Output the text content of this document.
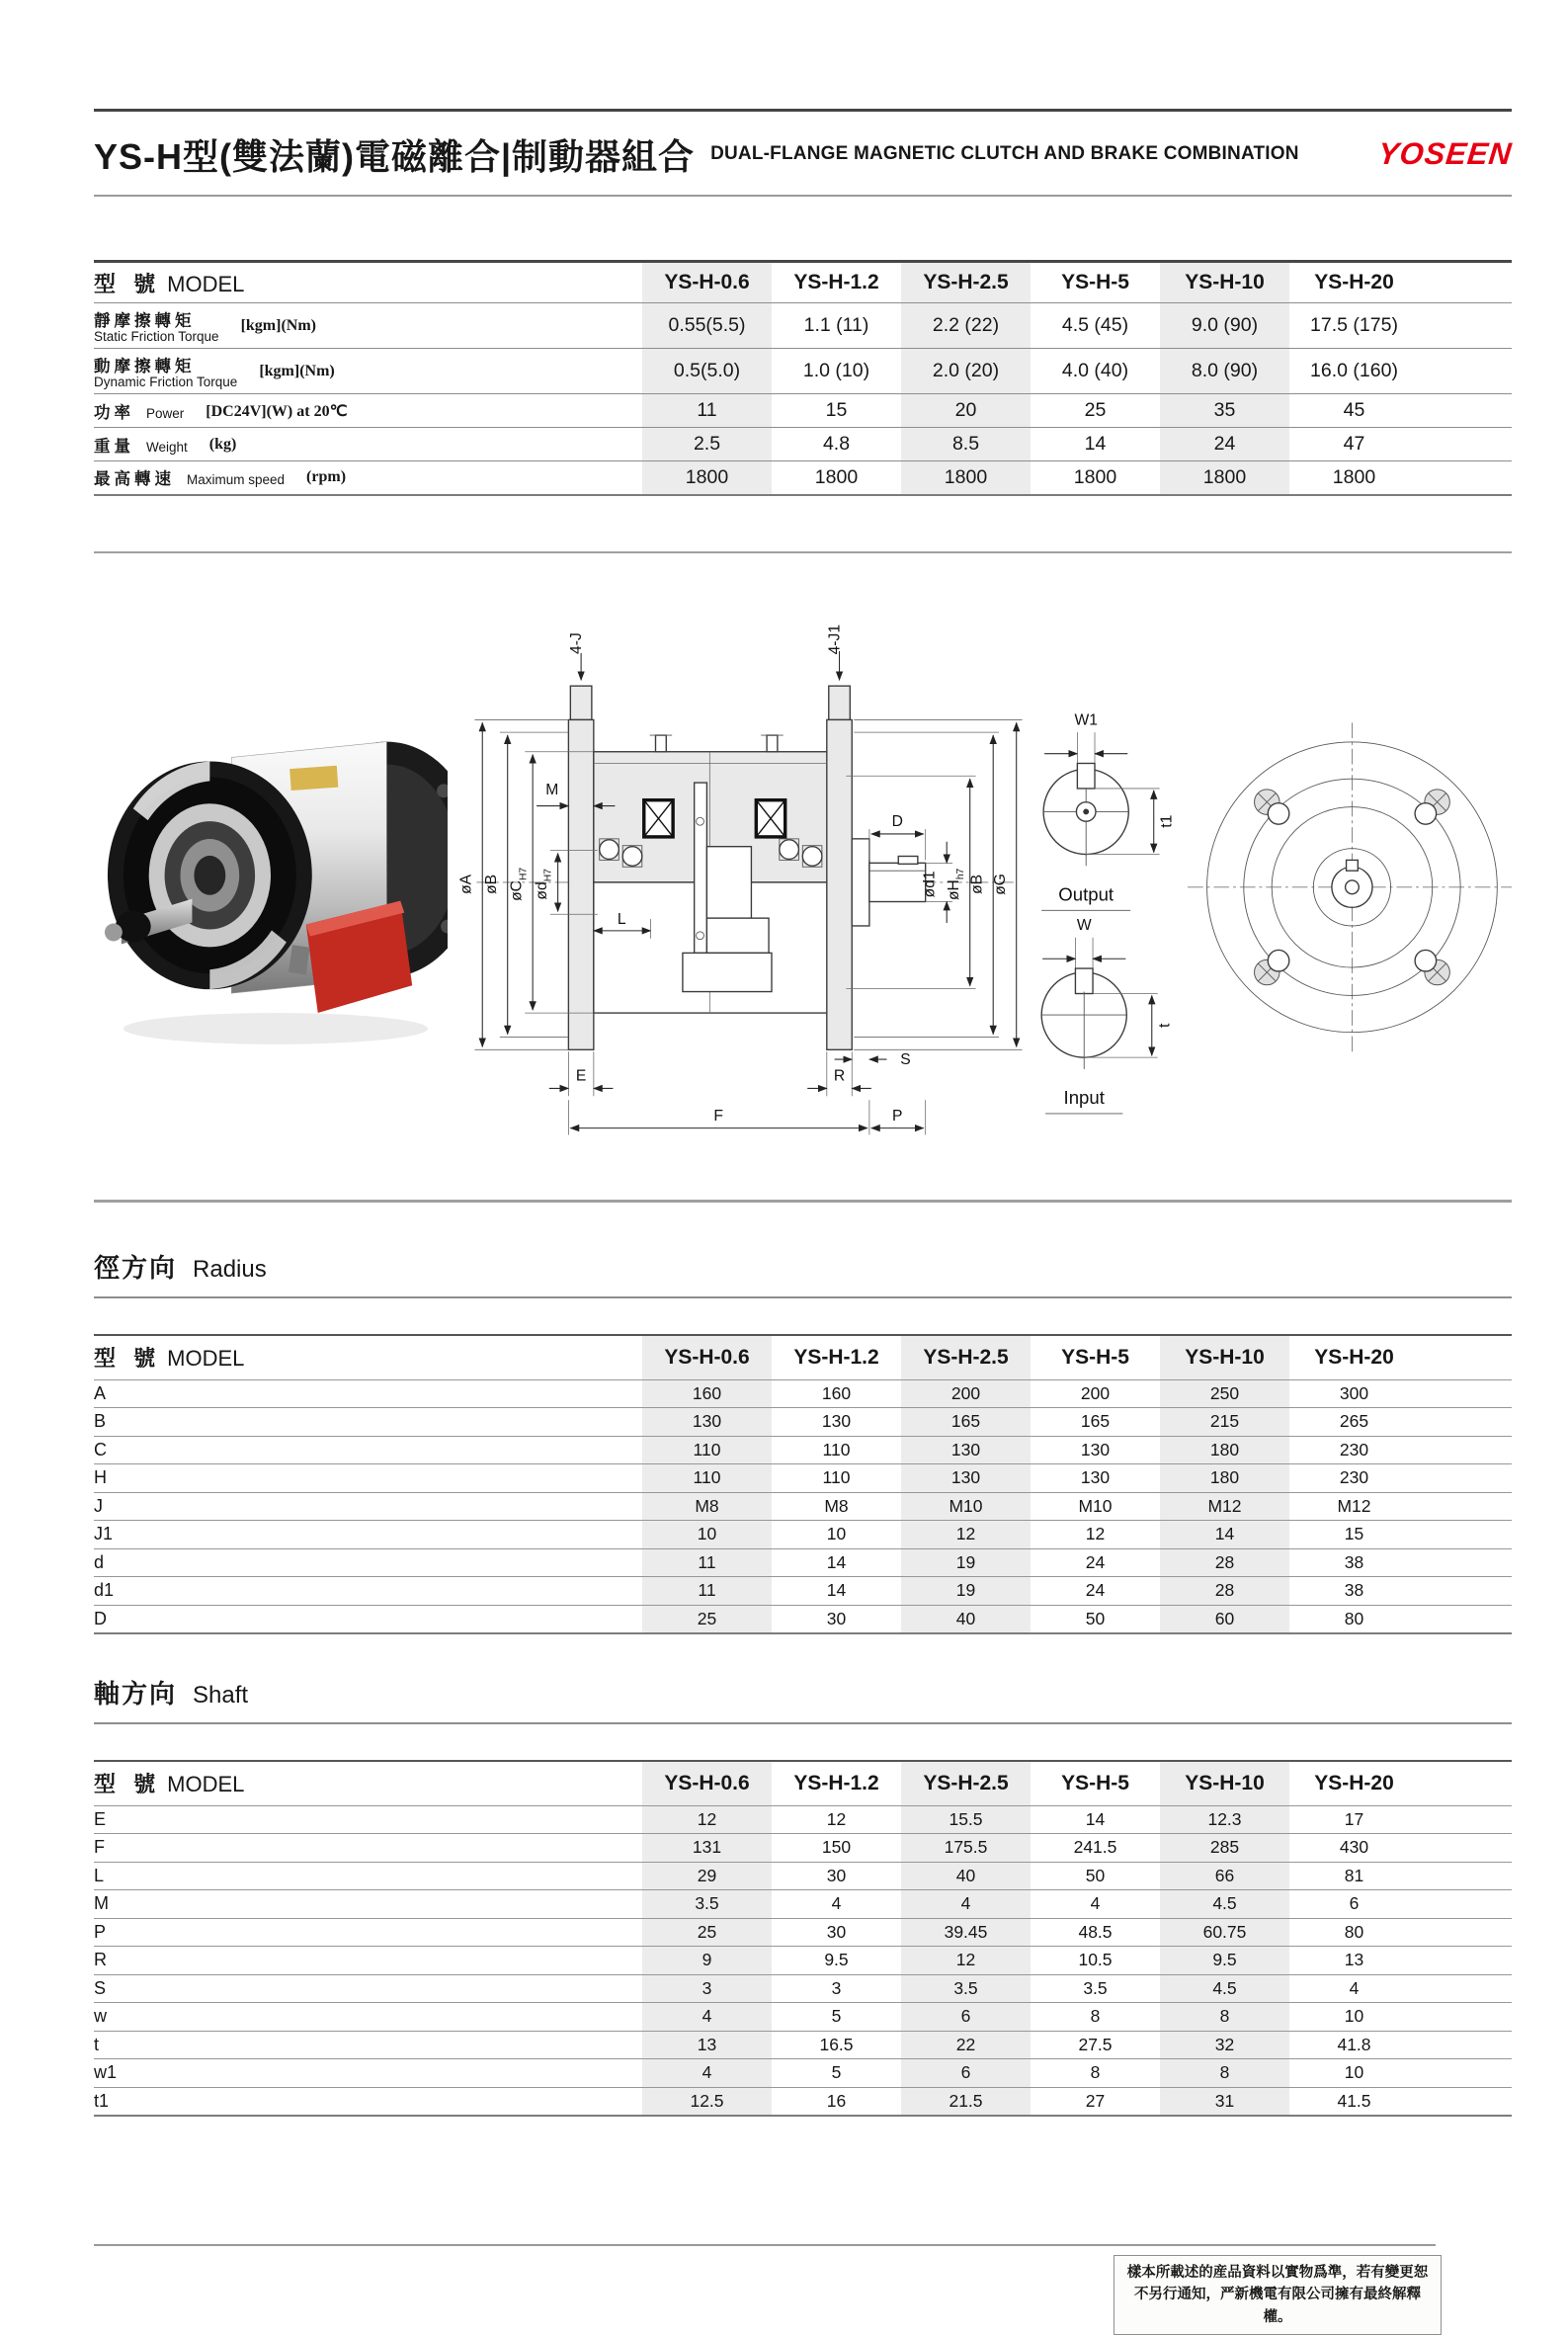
YS-H型(雙法蘭)電磁離合|制動器組合 DUAL-FLANGE MAGNETIC CLUTCH AND BRAKE COMBINATION	YOSEEN
型 號 MODEL	YS-H-0.6	YS-H-1.2	YS-H-2.5	YS-H-5	YS-H-10	YS-H-20	

靜摩擦轉矩
Static Friction Torque
[kgm](Nm)	0.55(5.5)	1.1 (11)	2.2 (22)	4.5 (45)	9.0 (90)	17.5 (175)	

動摩擦轉矩
Dynamic Friction Torque
[kgm](Nm)	0.5(5.0)	1.0 (10)	2.0 (20)	4.0 (40)	8.0 (90)	16.0 (160)	

功率 Power [DC24V](W) at 20℃	11	15	20	25	35	45	

重量 Weight (kg)	2.5	4.8	8.5	14	24	47	

最高轉速 Maximum speed (rpm)	1800	1800	1800	1800	1800	1800	
øA øB $øC_{H7}$
$ød_{H7}$
4-J	4-J1
M
L
D
ød1 $øH_{h7}$
øB øG
E	R
F	P
S
W1
t1
Output
W
t
Input
徑方向 Radius
型 號 MODEL	YS-H-0.6	YS-H-1.2	YS-H-2.5	YS-H-5	YS-H-10	YS-H-20	
A	160	160	200	200	250	300	
B	130	130	165	165	215	265	
C	110	110	130	130	180	230	
H	110	110	130	130	180	230	
J	M8	M8	M10	M10	M12	M12	
J1	10	10	12	12	14	15	
d	11	14	19	24	28	38	
d1	11	14	19	24	28	38	
D	25	30	40	50	60	80	
軸方向 Shaft
型 號 MODEL	YS-H-0.6	YS-H-1.2	YS-H-2.5	YS-H-5	YS-H-10	YS-H-20	
E	12	12	15.5	14	12.3	17	
F	131	150	175.5	241.5	285	430	
L	29	30	40	50	66	81	
M	3.5	4	4	4	4.5	6	
P	25	30	39.45	48.5	60.75	80	
R	9	9.5	12	10.5	9.5	13	
S	3	3	3.5	3.5	4.5	4	
w	4	5	6	8	8	10	
t	13	16.5	22	27.5	32	41.8	
w1	4	5	6	8	8	10	
t1	12.5	16	21.5	27	31	41.5	
樣本所載述的産品資料以實物爲準，若有變更恕
不另行通知，严新機電有限公司擁有最終解釋權。
